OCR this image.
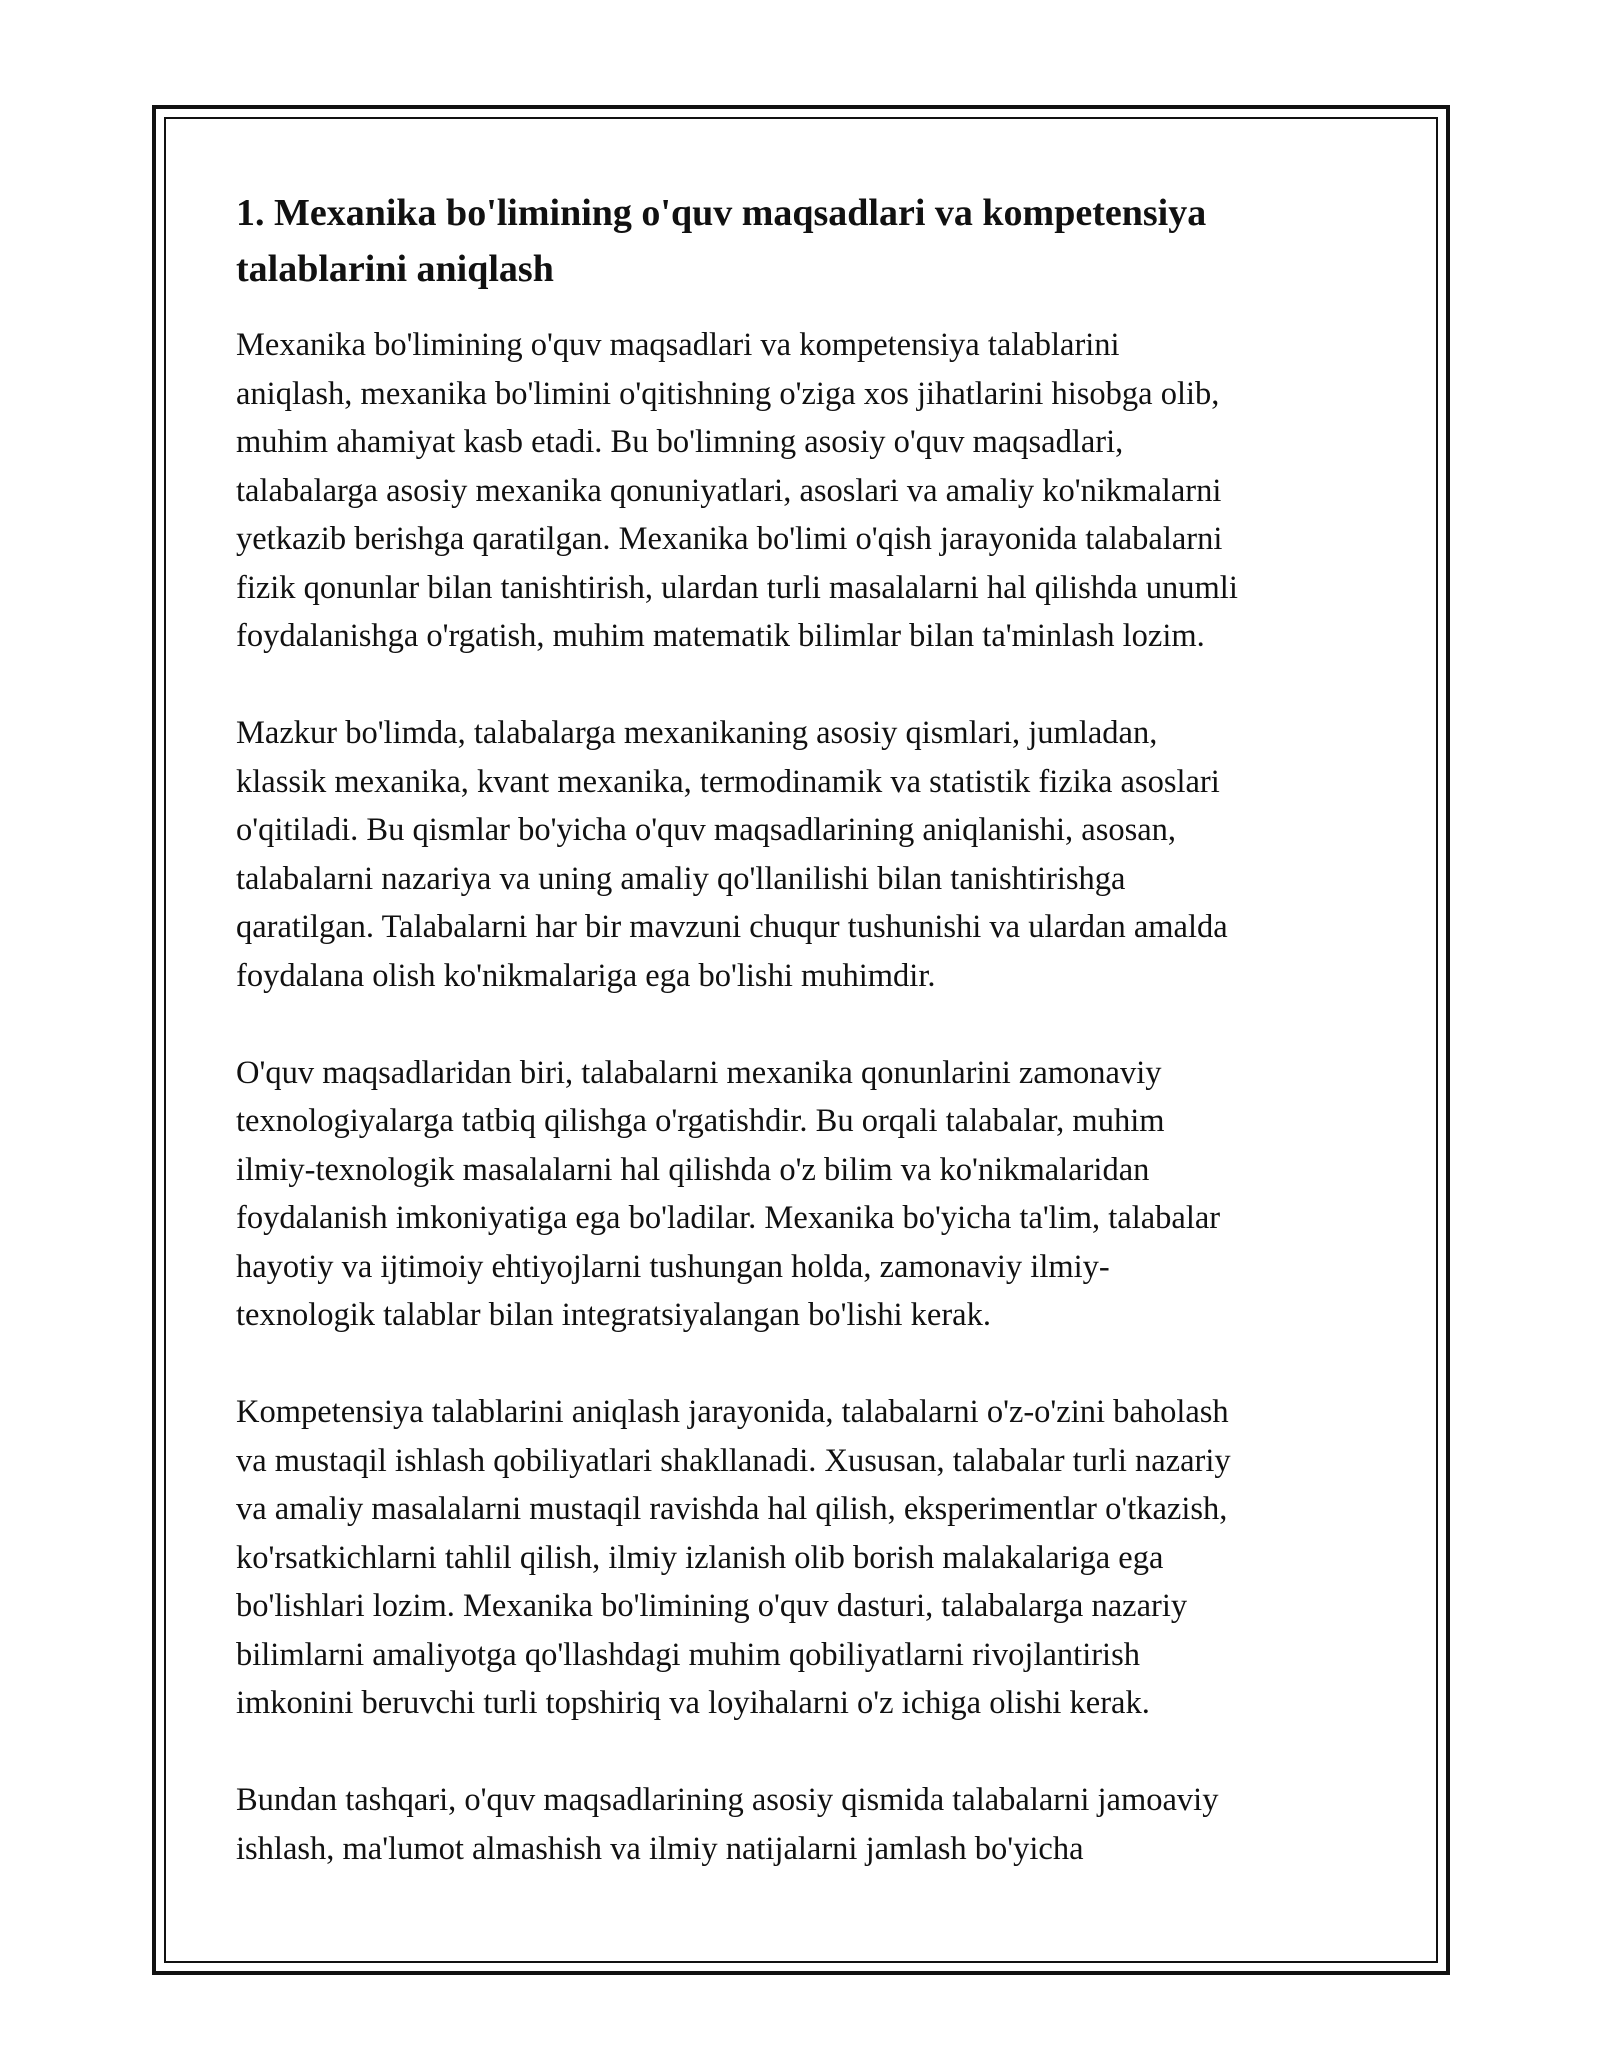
1. Mexanika bo'limining o'quv maqsadlari va kompetensiya
talablarini aniqlash

Mexanika bo'limining o'quv maqsadlari va kompetensiya talablarini
aniqlash, mexanika bo'limini o'qitishning o'ziga xos jihatlarini hisobga olib,
muhim ahamiyat kasb etadi. Bu bo'limning asosiy o'quv maqsadlari,
talabalarga asosiy mexanika qonuniyatlari, asoslari va amaliy ko'nikmalarni
yetkazib berishga qaratilgan. Mexanika bo'limi o'qish jarayonida talabalarni
fizik qonunlar bilan tanishtirish, ulardan turli masalalarni hal qilishda unumli
foydalanishga o'rgatish, muhim matematik bilimlar bilan ta'minlash lozim.

Mazkur bo'limda, talabalarga mexanikaning asosiy qismlari, jumladan,
klassik mexanika, kvant mexanika, termodinamik va statistik fizika asoslari
o'qitiladi. Bu qismlar bo'yicha o'quv maqsadlarining aniqlanishi, asosan,
talabalarni nazariya va uning amaliy qo'llanilishi bilan tanishtirishga
qaratilgan. Talabalarni har bir mavzuni chuqur tushunishi va ulardan amalda
foydalana olish ko'nikmalariga ega bo'lishi muhimdir.

O'quv maqsadlaridan biri, talabalarni mexanika qonunlarini zamonaviy
texnologiyalarga tatbiq qilishga o'rgatishdir. Bu orqali talabalar, muhim
ilmiy-texnologik masalalarni hal qilishda o'z bilim va ko'nikmalaridan
foydalanish imkoniyatiga ega bo'ladilar. Mexanika bo'yicha ta'lim, talabalar
hayotiy va ijtimoiy ehtiyojlarni tushungan holda, zamonaviy ilmiy-
texnologik talablar bilan integratsiyalangan bo'lishi kerak.

Kompetensiya talablarini aniqlash jarayonida, talabalarni o'z-o'zini baholash
va mustaqil ishlash qobiliyatlari shakllanadi. Xususan, talabalar turli nazariy
va amaliy masalalarni mustaqil ravishda hal qilish, eksperimentlar o'tkazish,
ko'rsatkichlarni tahlil qilish, ilmiy izlanish olib borish malakalariga ega
bo'lishlari lozim. Mexanika bo'limining o'quv dasturi, talabalarga nazariy
bilimlarni amaliyotga qo'llashdagi muhim qobiliyatlarni rivojlantirish
imkonini beruvchi turli topshiriq va loyihalarni o'z ichiga olishi kerak.

Bundan tashqari, o'quv maqsadlarining asosiy qismida talabalarni jamoaviy
ishlash, ma'lumot almashish va ilmiy natijalarni jamlash bo'yicha
